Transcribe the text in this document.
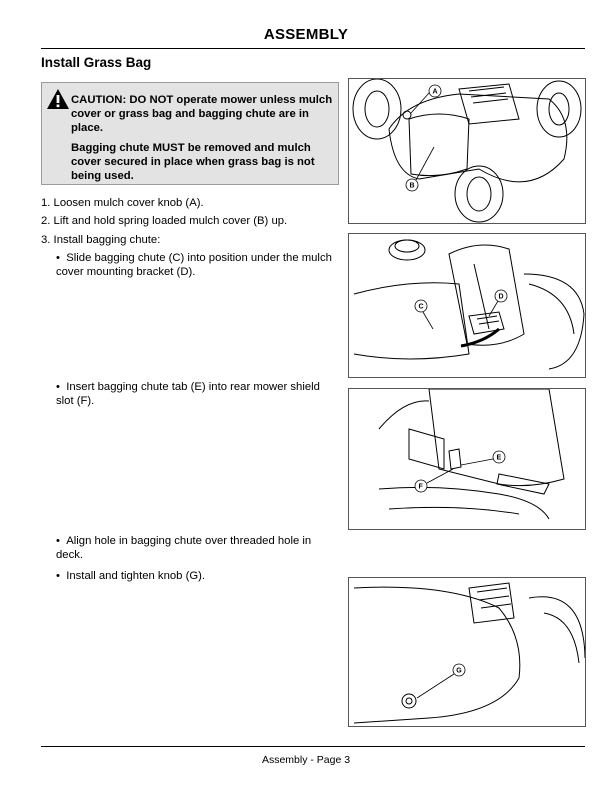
ASSEMBLY
Install Grass Bag

CAUTION: DO NOT operate mower unless mulch cover or grass bag and bagging chute are in place.

Bagging chute MUST be removed and mulch cover secured in place when grass bag is not being used.

1. Loosen mulch cover knob (A).
2. Lift and hold spring loaded mulch cover (B) up.
3. Install bagging chute:
•  Slide bagging chute (C) into position under the mulch cover mounting bracket (D).
•  Insert bagging chute tab (E) into rear mower shield slot (F).
•  Align hole in bagging chute over threaded hole in deck.
•  Install and tighten knob (G).
A
B
C
D
E
F
G
Assembly - Page 3
